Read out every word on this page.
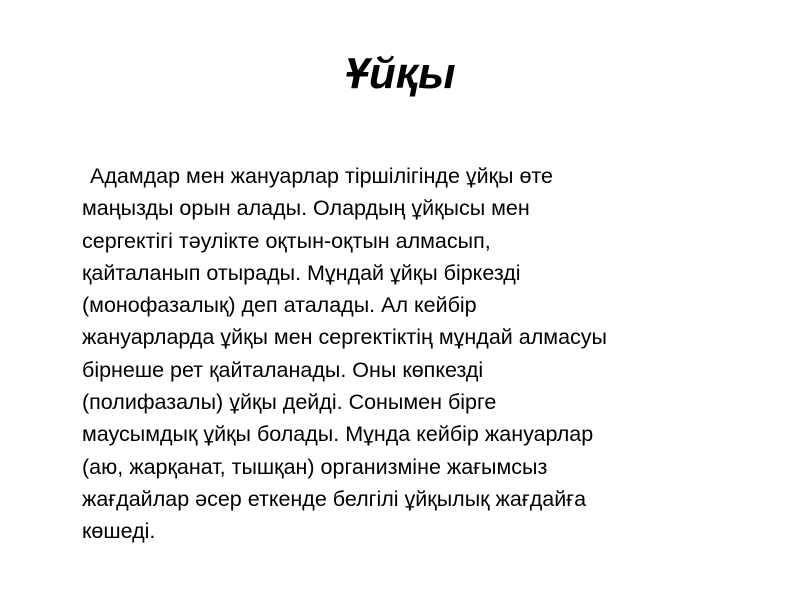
Ұйқы
Адамдар мен жануарлар тіршілігінде ұйқы өте
маңызды орын алады. Олардың ұйқысы мен
сергектігі тәулікте оқтын-оқтын алмасып,
қайталанып отырады. Мұндай ұйқы біркезді
(монофазалық) деп аталады. Ал кейбір
жануарларда ұйқы мен сергектіктің мұндай алмасуы
бірнеше рет қайталанады. Оны көпкезді
(полифазалы) ұйқы дейді. Сонымен бірге
маусымдық ұйқы болады. Мұнда кейбір жануарлар
(аю, жарқанат, тышқан) организміне жағымсыз
жағдайлар әсер еткенде белгілі ұйқылық жағдайға
көшеді.
